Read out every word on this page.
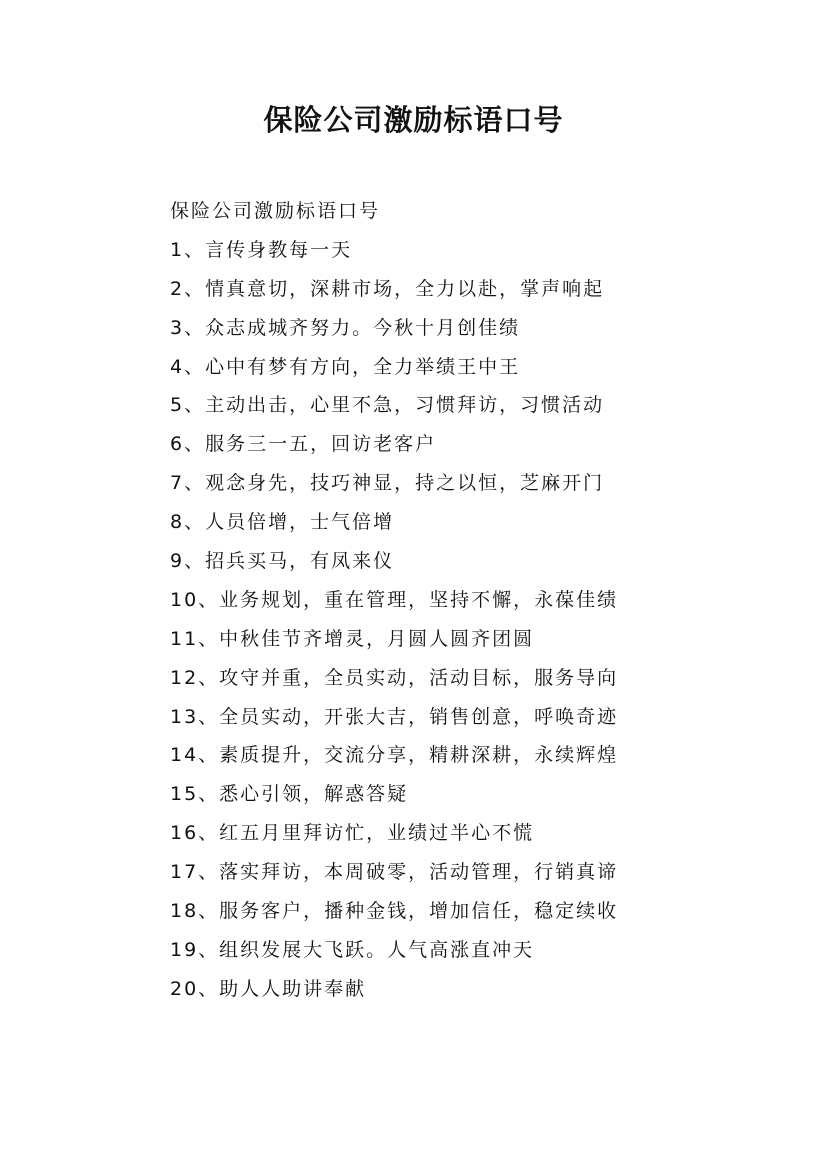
保险公司激励标语口号
保险公司激励标语口号
1、言传身教每一天
2、情真意切，深耕市场，全力以赴，掌声响起
3、众志成城齐努力。今秋十月创佳绩
4、心中有梦有方向，全力举绩王中王
5、主动出击，心里不急，习惯拜访，习惯活动
6、服务三一五，回访老客户
7、观念身先，技巧神显，持之以恒，芝麻开门
8、人员倍增，士气倍增
9、招兵买马，有凤来仪
10、业务规划，重在管理，坚持不懈，永葆佳绩
11、中秋佳节齐增灵，月圆人圆齐团圆
12、攻守并重，全员实动，活动目标，服务导向
13、全员实动，开张大吉，销售创意，呼唤奇迹
14、素质提升，交流分享，精耕深耕，永续辉煌
15、悉心引领，解惑答疑
16、红五月里拜访忙，业绩过半心不慌
17、落实拜访，本周破零，活动管理，行销真谛
18、服务客户，播种金钱，增加信任，稳定续收
19、组织发展大飞跃。人气高涨直冲天
20、助人人助讲奉献
